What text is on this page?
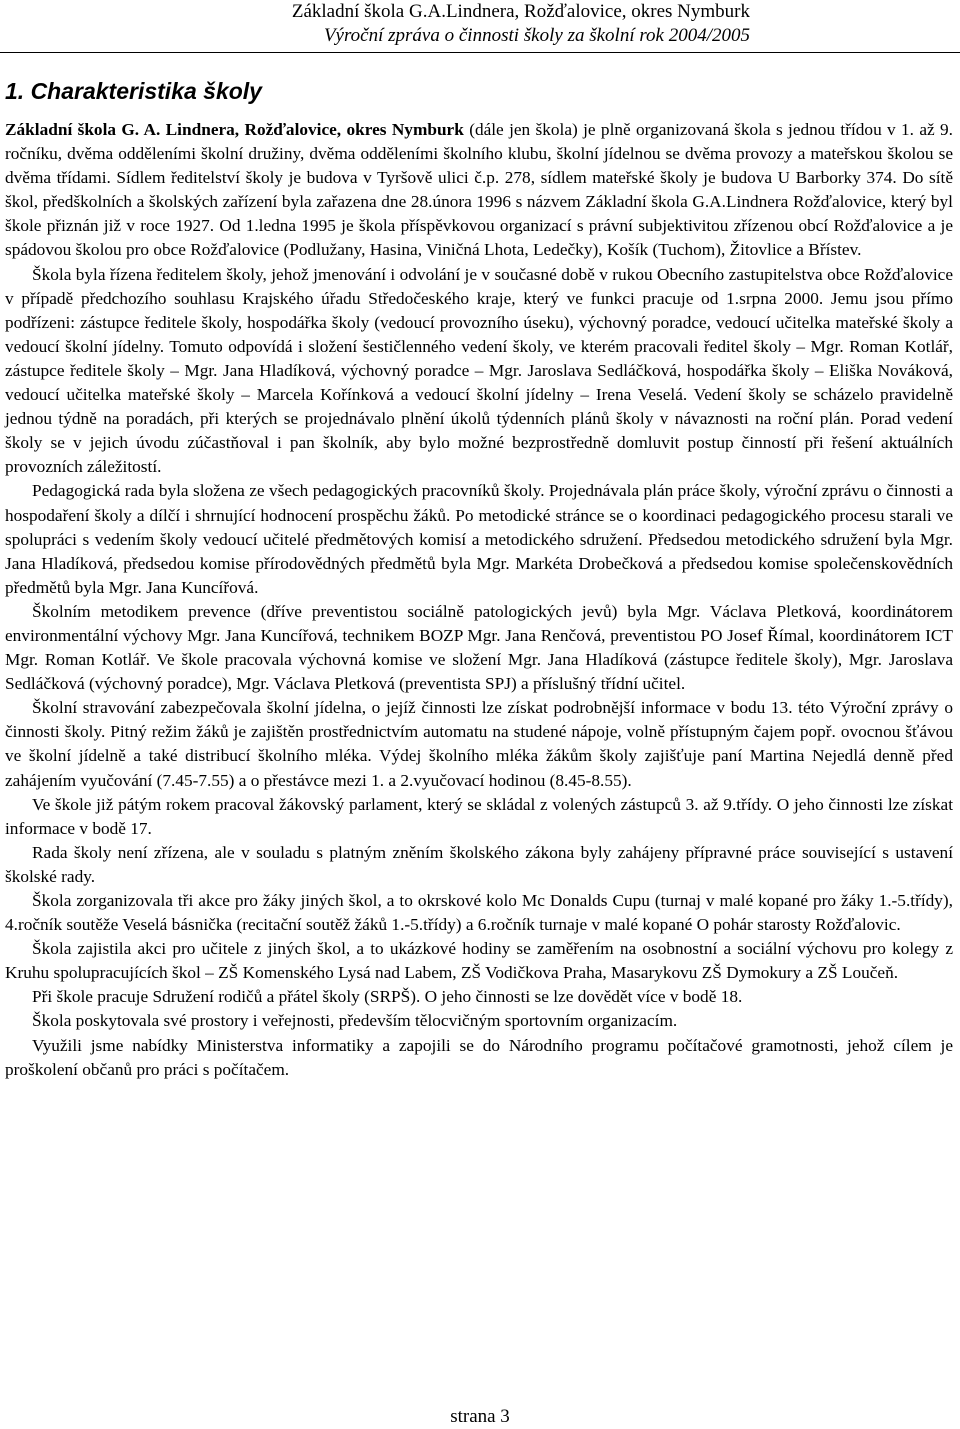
Základní škola G.A.Lindnera, Rožďalovice, okres Nymburk
Výroční zpráva o činnosti školy za školní rok 2004/2005
1. Charakteristika školy

Základní škola G. A. Lindnera, Rožďalovice, okres Nymburk (dále jen škola) je plně organizovaná škola s jednou třídou v 1. až 9. ročníku, dvěma odděleními školní družiny, dvěma odděleními školního klubu, školní jídelnou se dvěma provozy a mateřskou školou se dvěma třídami. Sídlem ředitelství školy je budova v Tyršově ulici č.p. 278, sídlem mateřské školy je budova U Barborky 374. Do sítě škol, předškolních a školských zařízení byla zařazena dne 28.února 1996 s názvem Základní škola G.A.Lindnera Rožďalovice, který byl škole přiznán již v roce 1927. Od 1.ledna 1995 je škola příspěvkovou organizací s právní subjektivitou zřízenou obcí Rožďalovice a je spádovou školou pro obce Rožďalovice (Podlužany, Hasina, Viničná Lhota, Ledečky), Košík (Tuchom), Žitovlice a Břístev.

Škola byla řízena ředitelem školy, jehož jmenování i odvolání je v současné době v rukou Obecního zastupitelstva obce Rožďalovice v případě předchozího souhlasu Krajského úřadu Středočeského kraje, který ve funkci pracuje od 1.srpna 2000. Jemu jsou přímo podřízeni: zástupce ředitele školy, hospodářka školy (vedoucí provozního úseku), výchovný poradce, vedoucí učitelka mateřské školy a vedoucí školní jídelny. Tomuto odpovídá i složení šestičlenného vedení školy, ve kterém pracovali ředitel školy – Mgr. Roman Kotlář, zástupce ředitele školy – Mgr. Jana Hladíková, výchovný poradce – Mgr. Jaroslava Sedláčková, hospodářka školy – Eliška Nováková, vedoucí učitelka mateřské školy – Marcela Kořínková a vedoucí školní jídelny – Irena Veselá. Vedení školy se scházelo pravidelně jednou týdně na poradách, při kterých se projednávalo plnění úkolů týdenních plánů školy v návaznosti na roční plán. Porad vedení školy se v jejich úvodu zúčastňoval i pan školník, aby bylo možné bezprostředně domluvit postup činností při řešení aktuálních provozních záležitostí.

Pedagogická rada byla složena ze všech pedagogických pracovníků školy. Projednávala plán práce školy, výroční zprávu o činnosti a hospodaření školy a dílčí i shrnující hodnocení prospěchu žáků. Po metodické stránce se o koordinaci pedagogického procesu starali ve spolupráci s vedením školy vedoucí učitelé předmětových komisí a metodického sdružení. Předsedou metodického sdružení byla Mgr. Jana Hladíková, předsedou komise přírodovědných předmětů byla Mgr. Markéta Drobečková a předsedou komise společenskovědních předmětů byla Mgr. Jana Kuncířová.

Školním metodikem prevence (dříve preventistou sociálně patologických jevů) byla Mgr. Václava Pletková, koordinátorem environmentální výchovy Mgr. Jana Kuncířová, technikem BOZP Mgr. Jana Renčová, preventistou PO Josef Římal, koordinátorem ICT Mgr. Roman Kotlář. Ve škole pracovala výchovná komise ve složení Mgr. Jana Hladíková (zástupce ředitele školy), Mgr. Jaroslava Sedláčková (výchovný poradce), Mgr. Václava Pletková (preventista SPJ) a příslušný třídní učitel.

Školní stravování zabezpečovala školní jídelna, o jejíž činnosti lze získat podrobnější informace v bodu 13. této Výroční zprávy o činnosti školy. Pitný režim žáků je zajištěn prostřednictvím automatu na studené nápoje, volně přístupným čajem popř. ovocnou šťávou ve školní jídelně a také distribucí školního mléka. Výdej školního mléka žákům školy zajišťuje paní Martina Nejedlá denně před zahájením vyučování (7.45-7.55) a o přestávce mezi 1. a 2.vyučovací hodinou (8.45-8.55).

Ve škole již pátým rokem pracoval žákovský parlament, který se skládal z volených zástupců 3. až 9.třídy. O jeho činnosti lze získat informace v bodě 17.

Rada školy není zřízena, ale v souladu s platným zněním školského zákona byly zahájeny přípravné práce související s ustavení školské rady.

Škola zorganizovala tři akce pro žáky jiných škol, a to okrskové kolo Mc Donalds Cupu (turnaj v malé kopané pro žáky 1.-5.třídy), 4.ročník soutěže Veselá básnička (recitační soutěž žáků 1.-5.třídy) a 6.ročník turnaje v malé kopané O pohár starosty Rožďalovic.

Škola zajistila akci pro učitele z jiných škol, a to ukázkové hodiny se zaměřením na osobnostní a sociální výchovu pro kolegy z Kruhu spolupracujících škol – ZŠ Komenského Lysá nad Labem, ZŠ Vodičkova Praha, Masarykovu ZŠ Dymokury a ZŠ Loučeň.

Při škole pracuje Sdružení rodičů a přátel školy (SRPŠ). O jeho činnosti se lze dovědět více v bodě 18.

Škola poskytovala své prostory i veřejnosti, především tělocvičným sportovním organizacím.

Využili jsme nabídky Ministerstva informatiky a zapojili se do Národního programu počítačové gramotnosti, jehož cílem je proškolení občanů pro práci s počítačem.

strana 3
